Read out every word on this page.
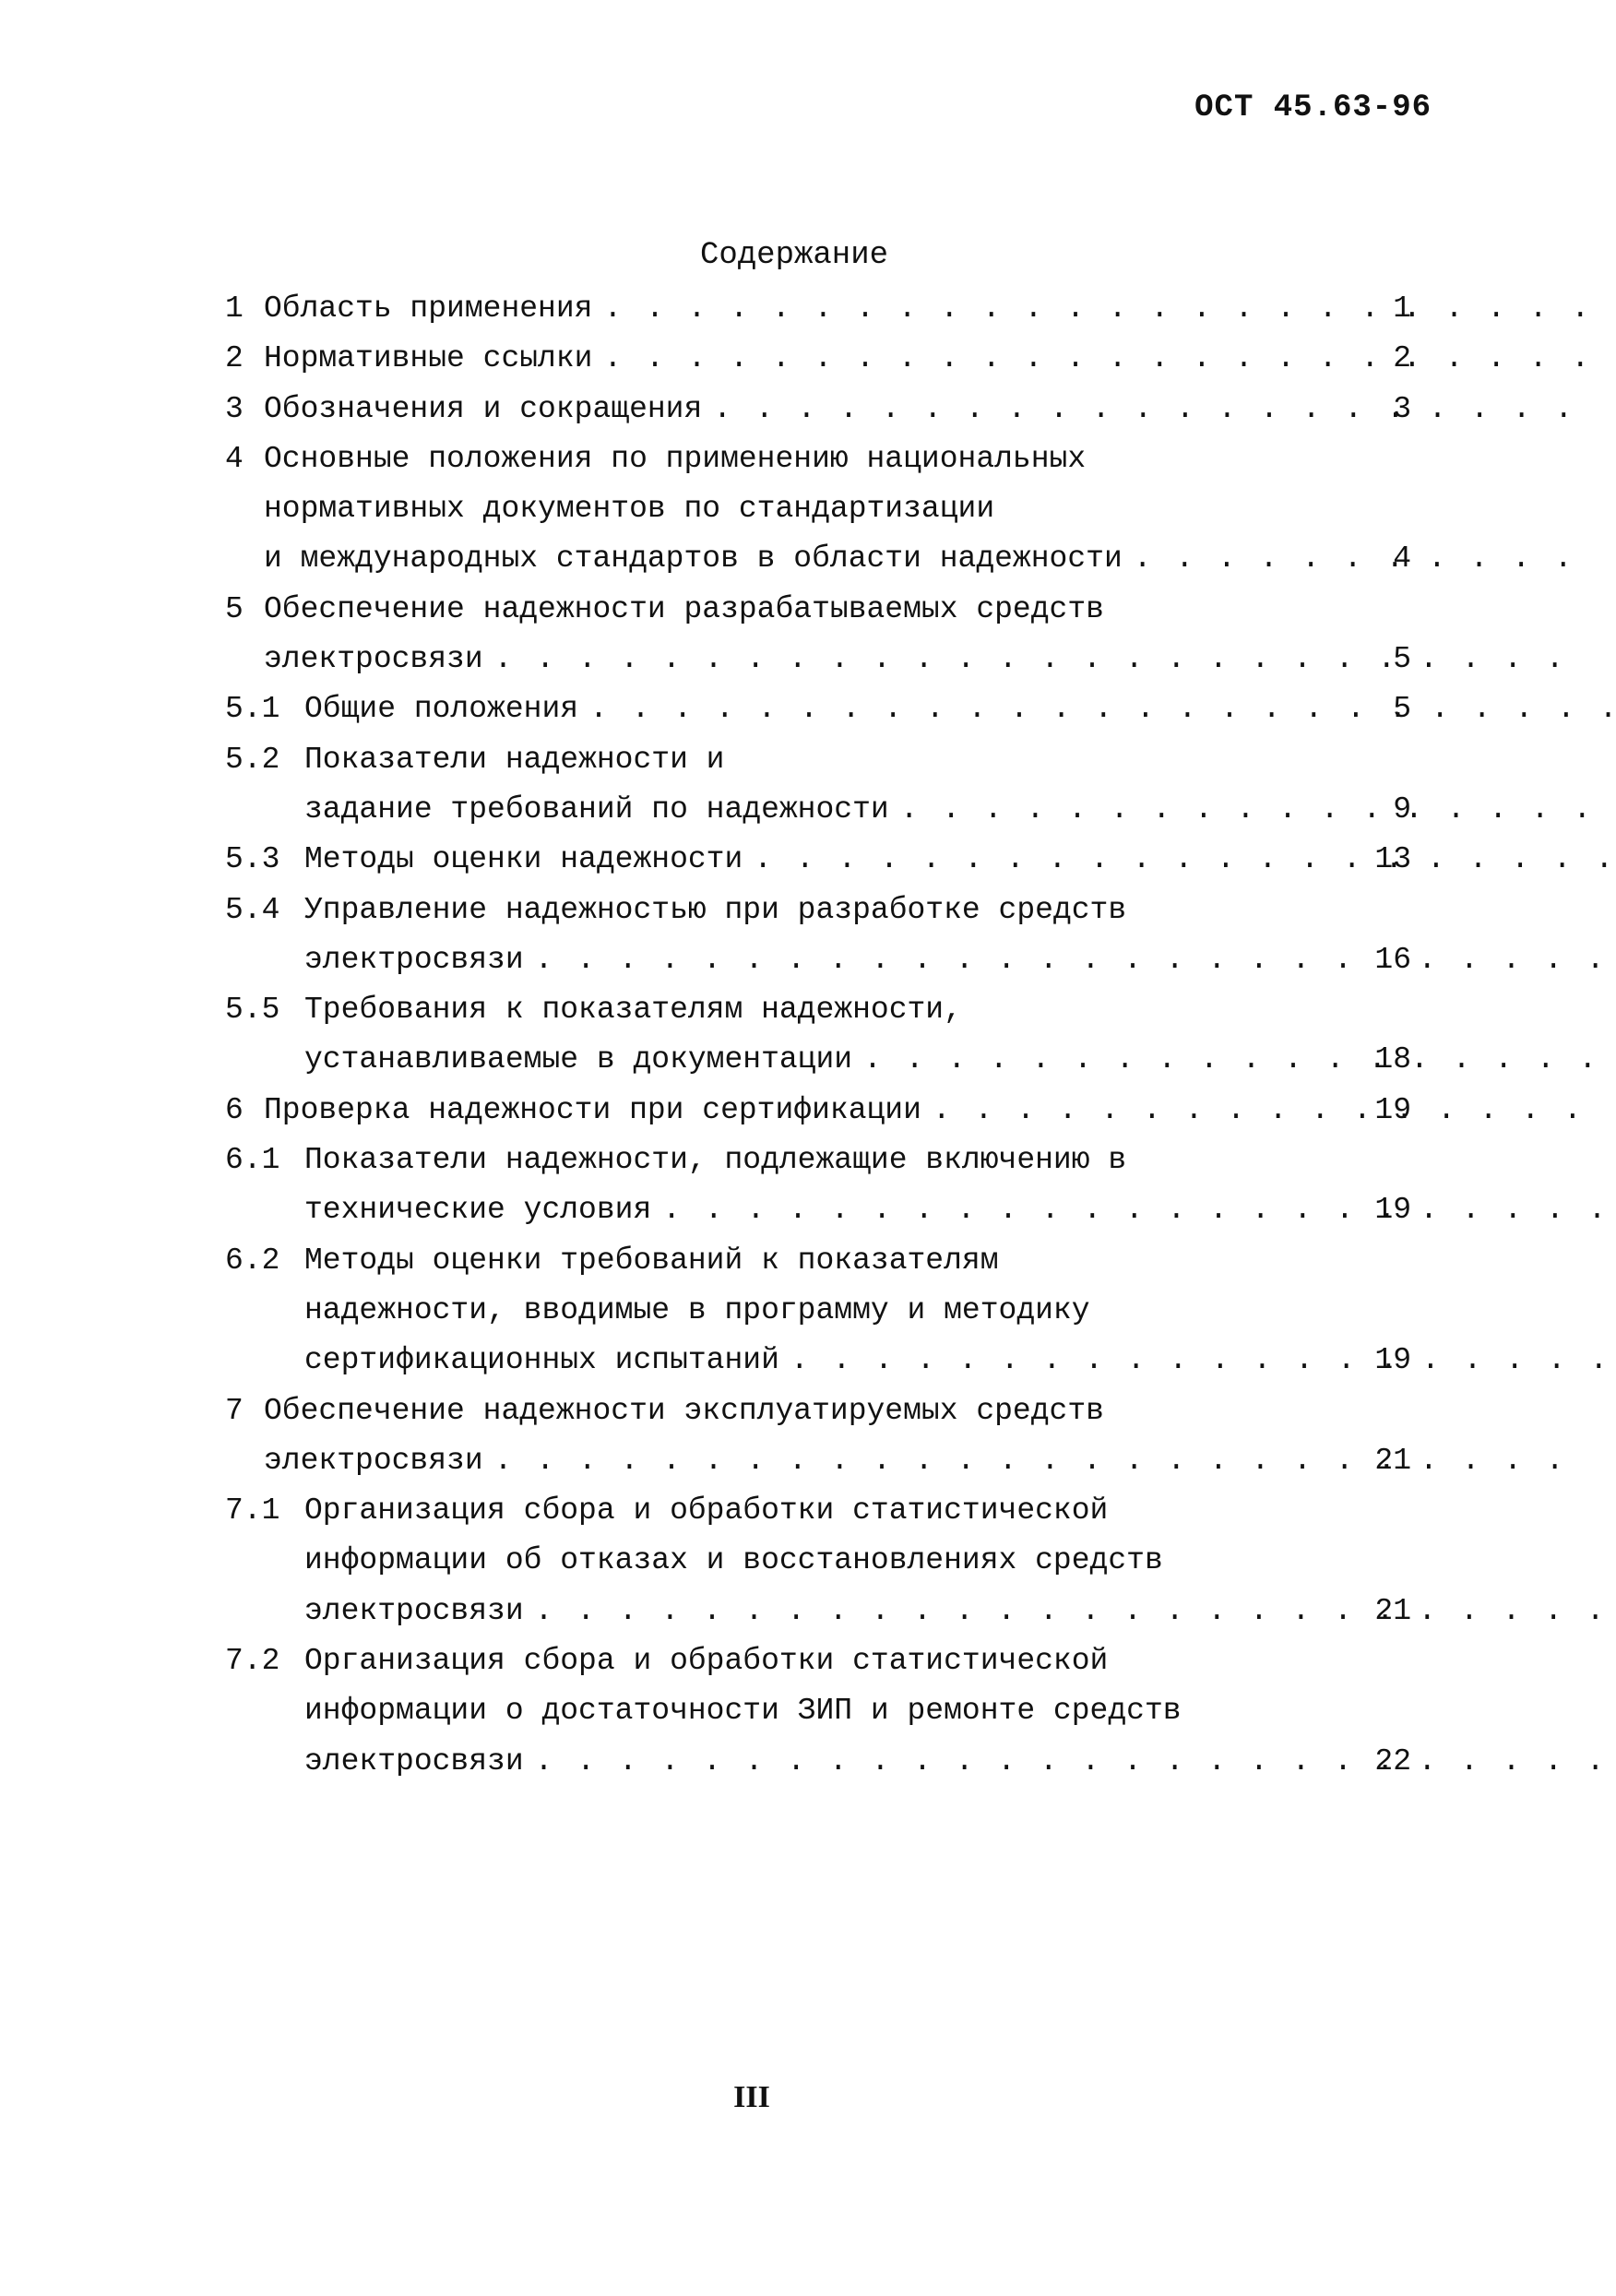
ОСТ 45.63-96
Содержание
1 Область применения . . .	1
2 Нормативные ссылки . . .	2
3 Обозначения и сокращения . . .	3
4 Основные положения по применению национальных
нормативных документов по стандартизации
и международных стандартов в области надежности . . .	4
5 Обеспечение надежности разрабатываемых средств
электросвязи . . .	5
5.1 Общие положения . . .	5
5.2 Показатели надежности и
задание требований по надежности . . .	9
5.3 Методы оценки надежности . . .	13
5.4 Управление надежностью при разработке средств
электросвязи . . .	16
5.5 Требования к показателям надежности,
устанавливаемые в документации . . .	18
6 Проверка надежности при сертификации . . .	19
6.1 Показатели надежности, подлежащие включению в
технические условия . . .	19
6.2 Методы оценки требований к показателям
надежности, вводимые в программу и методику
сертификационных испытаний . . .	19
7 Обеспечение надежности эксплуатируемых средств
электросвязи . . .	21
7.1 Организация сбора и обработки статистической
информации об отказах и восстановлениях средств
электросвязи . . .	21
7.2 Организация сбора и обработки статистической
информации о достаточности ЗИП и ремонте средств
электросвязи . . .	22
III
